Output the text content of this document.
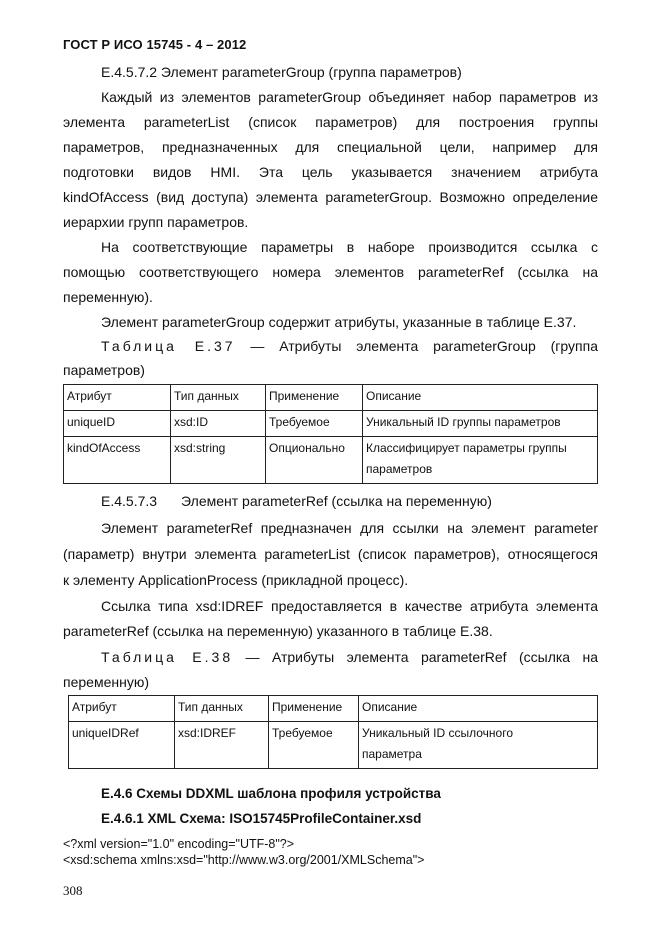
ГОСТ Р ИСО 15745 - 4 – 2012
E.4.5.7.2 Элемент parameterGroup (группа параметров)
Каждый из элементов parameterGroup объединяет набор параметров из
элемента parameterList (список параметров) для построения группы
параметров, предназначенных для специальной цели, например для
подготовки видов HMI. Эта цель указывается значением атрибута
kindOfAccess (вид доступа) элемента parameterGroup. Возможно определение
иерархии групп параметров.
На соответствующие параметры в наборе производится ссылка с
помощью соответствующего номера элементов parameterRef (ссылка на
переменную).
Элемент parameterGroup содержит атрибуты, указанные в таблице E.37.
Таблица E.37 — Атрибуты элемента parameterGroup (группа
параметров)
Атрибут	Тип данных	Применение	Описание
uniqueID	xsd:ID	Требуемое	Уникальный ID группы параметров
kindOfAccess	xsd:string	Опционально	Классифицирует параметры группы параметров
E.4.5.7.3 Элемент parameterRef (ссылка на переменную)
Элемент parameterRef предназначен для ссылки на элемент parameter
(параметр) внутри элемента parameterList (список параметров), относящегося
к элементу ApplicationProcess (прикладной процесс).
Ссылка типа xsd:IDREF предоставляется в качестве атрибута элемента
parameterRef (ссылка на переменную) указанного в таблице E.38.
Таблица E.38 — Атрибуты элемента parameterRef (ссылка на
переменную)
Атрибут	Тип данных	Применение	Описание
uniqueIDRef	xsd:IDREF	Требуемое	Уникальный ID ссылочного параметра
E.4.6 Схемы DDXML шаблона профиля устройства
E.4.6.1 XML Схема: ISO15745ProfileContainer.xsd
<?xml version="1.0" encoding="UTF-8"?>
<xsd:schema xmlns:xsd="http://www.w3.org/2001/XMLSchema">
308
